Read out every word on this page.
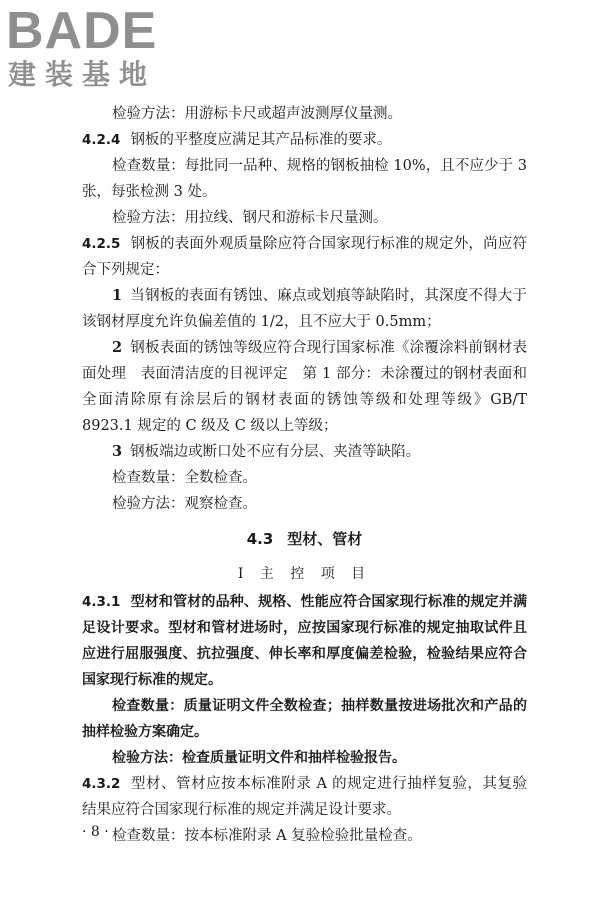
BADE
建装基地

检验方法：用游标卡尺或超声波测厚仪量测。

4.2.4 钢板的平整度应满足其产品标准的要求。

检查数量：每批同一品种、规格的钢板抽检 10%，且不应少于 3 张，每张检测 3 处。

检验方法：用拉线、钢尺和游标卡尺量测。

4.2.5 钢板的表面外观质量除应符合国家现行标准的规定外，尚应符合下列规定：

1 当钢板的表面有锈蚀、麻点或划痕等缺陷时，其深度不得大于该钢材厚度允许负偏差值的 1/2，且不应大于 0.5mm；

2 钢板表面的锈蚀等级应符合现行国家标准《涂覆涂料前钢材表面处理　表面清洁度的目视评定　第 1 部分：未涂覆过的钢材表面和全面清除原有涂层后的钢材表面的锈蚀等级和处理等级》GB/T 8923.1 规定的 C 级及 C 级以上等级；

3 钢板端边或断口处不应有分层、夹渣等缺陷。

检查数量：全数检查。

检验方法：观察检查。

4.3 型材、管材
Ⅰ 主 控 项 目

4.3.1 型材和管材的品种、规格、性能应符合国家现行标准的规定并满足设计要求。型材和管材进场时，应按国家现行标准的规定抽取试件且应进行屈服强度、抗拉强度、伸长率和厚度偏差检验，检验结果应符合国家现行标准的规定。

检查数量：质量证明文件全数检查；抽样数量按进场批次和产品的抽样检验方案确定。

检验方法：检查质量证明文件和抽样检验报告。

4.3.2 型材、管材应按本标准附录 A 的规定进行抽样复验，其复验结果应符合国家现行标准的规定并满足设计要求。

检查数量：按本标准附录 A 复验检验批量检查。

· 8 ·
